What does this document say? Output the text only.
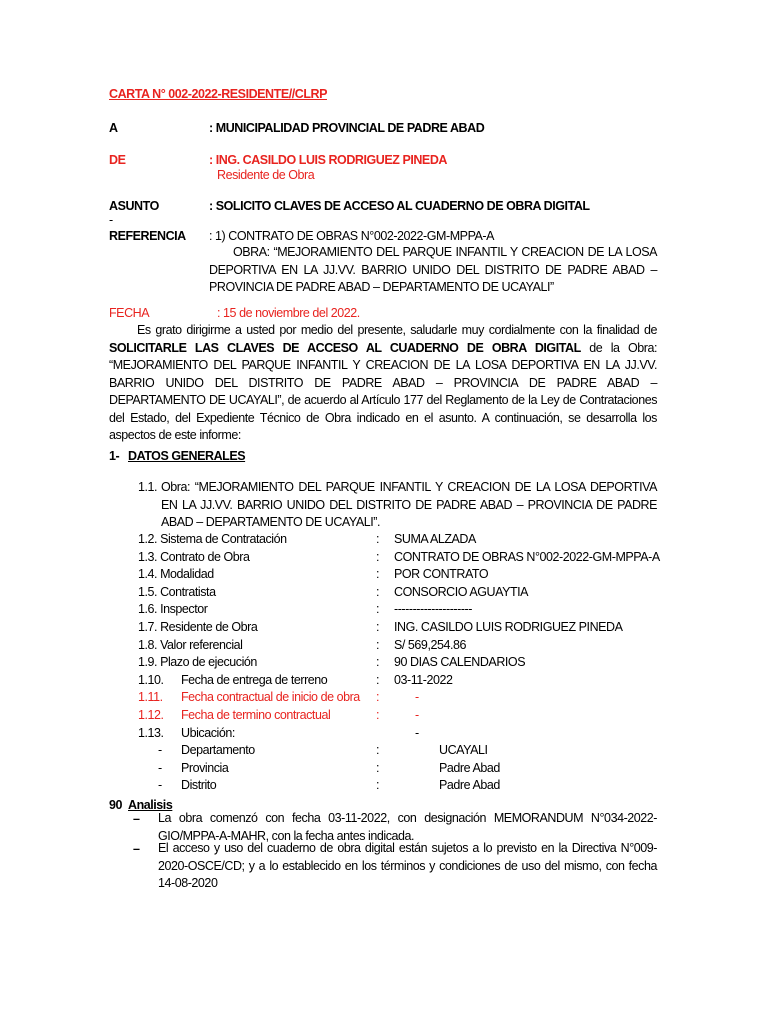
CARTA N° 002-2022-RESIDENTE//CLRP
A	: MUNICIPALIDAD PROVINCIAL DE PADRE ABAD
DE	: ING. CASILDO LUIS RODRIGUEZ PINEDA
Residente de Obra
ASUNTO	: SOLICITO CLAVES DE ACCESO AL CUADERNO DE OBRA DIGITAL
-
REFERENCIA : 1) CONTRATO DE OBRAS N°002-2022-GM-MPPA-A
OBRA: “MEJORAMIENTO DEL PARQUE INFANTIL Y CREACION DE LA LOSA DEPORTIVA EN LA JJ.VV. BARRIO UNIDO DEL DISTRITO DE PADRE ABAD – PROVINCIA DE PADRE ABAD – DEPARTAMENTO DE UCAYALI”
FECHA	: 15 de noviembre del 2022.
Es grato dirigirme a usted por medio del presente, saludarle muy cordialmente con la finalidad de SOLICITARLE LAS CLAVES DE ACCESO AL CUADERNO DE OBRA DIGITAL de la Obra: “MEJORAMIENTO DEL PARQUE INFANTIL Y CREACION DE LA LOSA DEPORTIVA EN LA JJ.VV. BARRIO UNIDO DEL DISTRITO DE PADRE ABAD – PROVINCIA DE PADRE ABAD – DEPARTAMENTO DE UCAYALI”, de acuerdo al Artículo 177 del Reglamento de la Ley de Contrataciones del Estado, del Expediente Técnico de Obra indicado en el asunto. A continuación, se desarrolla los aspectos de este informe:
1- DATOS GENERALES
1.1. Obra: “MEJORAMIENTO DEL PARQUE INFANTIL Y CREACION DE LA LOSA DEPORTIVA EN LA JJ.VV. BARRIO UNIDO DEL DISTRITO DE PADRE ABAD – PROVINCIA DE PADRE ABAD – DEPARTAMENTO DE UCAYALI”.
1.2. Sistema de Contratación	: SUMA ALZADA
1.3. Contrato de Obra	: CONTRATO DE OBRAS N°002-2022-GM-MPPA-A
1.4. Modalidad	: POR CONTRATO
1.5. Contratista	: CONSORCIO AGUAYTIA
1.6. Inspector	: ---------------------
1.7. Residente de Obra	: ING. CASILDO LUIS RODRIGUEZ PINEDA
1.8. Valor referencial	: S/ 569,254.86
1.9. Plazo de ejecución	: 90 DIAS CALENDARIOS
1.10. Fecha de entrega de terreno	: 03-11-2022
1.11. Fecha contractual de inicio de obra :	-
1.12. Fecha de termino contractual	:	-
1.13. Ubicación:	-
- Departamento	:	UCAYALI
- Provincia	:	Padre Abad
- Distrito	:	Padre Abad
90 Analisis
– La obra comenzó con fecha 03-11-2022, con designación MEMORANDUM N°034-2022-GIO/MPPA-A-MAHR, con la fecha antes indicada.
– El acceso y uso del cuaderno de obra digital están sujetos a lo previsto en la Directiva N°009-2020-OSCE/CD; y a lo establecido en los términos y condiciones de uso del mismo, con fecha 14-08-2020
